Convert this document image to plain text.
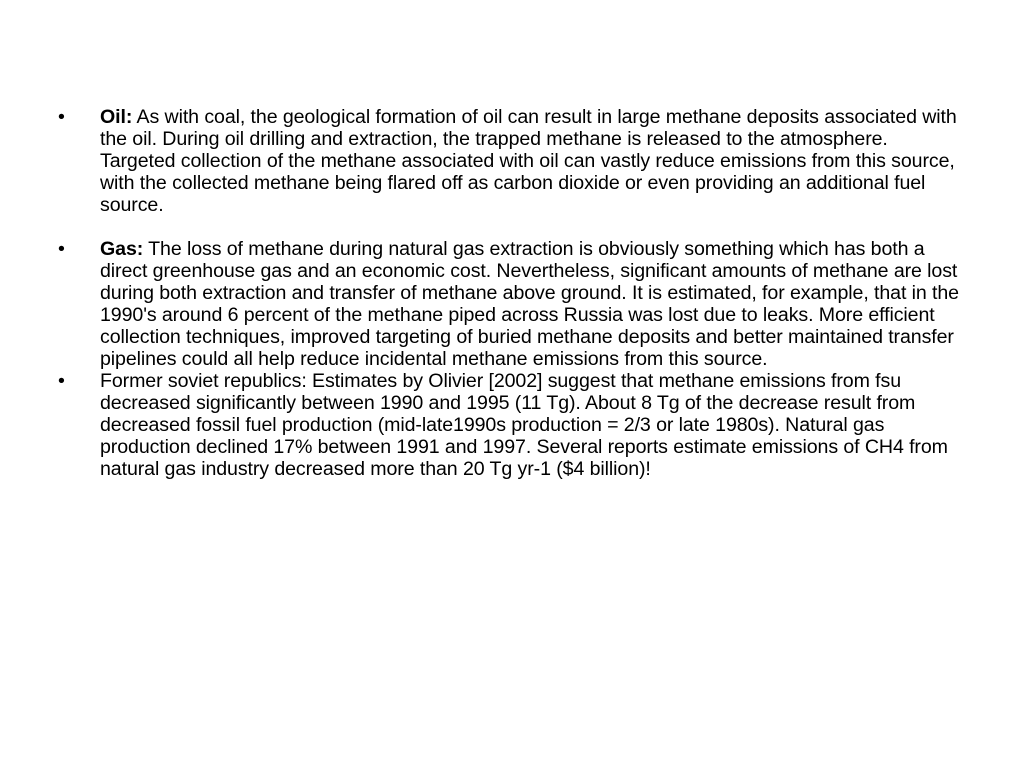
•	Oil: As with coal, the geological formation of oil can result in large methane deposits associated with the oil. During oil drilling and extraction, the trapped methane is released to the atmosphere. Targeted collection of the methane associated with oil can vastly reduce emissions from this source, with the collected methane being flared off as carbon dioxide or even providing an additional fuel source.
•	Gas: The loss of methane during natural gas extraction is obviously something which has both a direct greenhouse gas and an economic cost. Nevertheless, significant amounts of methane are lost during both extraction and transfer of methane above ground. It is estimated, for example, that in the 1990's around 6 percent of the methane piped across Russia was lost due to leaks. More efficient collection techniques, improved targeting of buried methane deposits and better maintained transfer pipelines could all help reduce incidental methane emissions from this source.
•	Former soviet republics: Estimates by Olivier [2002] suggest that methane emissions from fsu decreased significantly between 1990 and 1995 (11 Tg). About 8 Tg of the decrease result from decreased fossil fuel production (mid-late1990s production = 2/3 or late 1980s). Natural gas production declined 17% between 1991 and 1997. Several reports estimate emissions of CH4 from natural gas industry decreased more than 20 Tg yr-1 ($4 billion)!
